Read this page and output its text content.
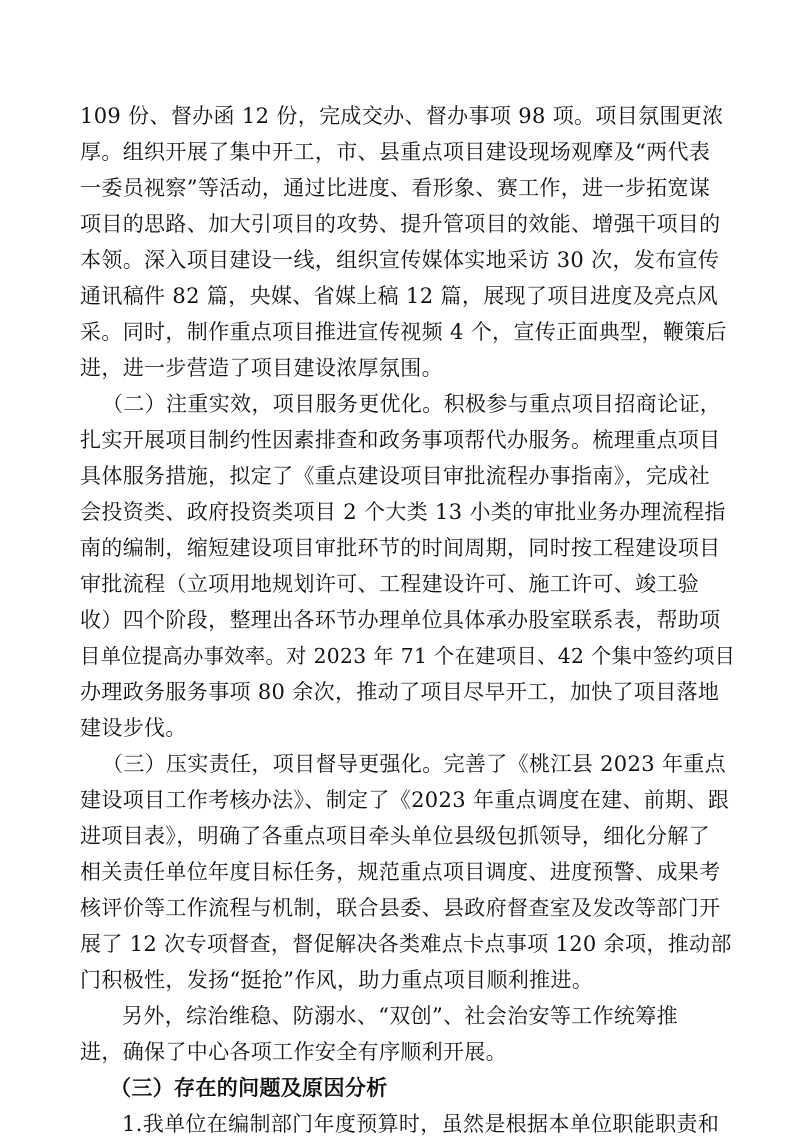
109 份、督办函 12 份，完成交办、督办事项 98 项。项目氛围更浓
厚。组织开展了集中开工，市、县重点项目建设现场观摩及“两代表
一委员视察”等活动，通过比进度、看形象、赛工作，进一步拓宽谋
项目的思路、加大引项目的攻势、提升管项目的效能、增强干项目的
本领。深入项目建设一线，组织宣传媒体实地采访 30 次，发布宣传
通讯稿件 82 篇，央媒、省媒上稿 12 篇，展现了项目进度及亮点风
采。同时，制作重点项目推进宣传视频 4 个，宣传正面典型，鞭策后
进，进一步营造了项目建设浓厚氛围。
（二）注重实效，项目服务更优化。积极参与重点项目招商论证，
扎实开展项目制约性因素排查和政务事项帮代办服务。梳理重点项目
具体服务措施，拟定了《重点建设项目审批流程办事指南》，完成社
会投资类、政府投资类项目 2 个大类 13 小类的审批业务办理流程指
南的编制，缩短建设项目审批环节的时间周期，同时按工程建设项目
审批流程（立项用地规划许可、工程建设许可、施工许可、竣工验
收）四个阶段，整理出各环节办理单位具体承办股室联系表，帮助项
目单位提高办事效率。对 2023 年 71 个在建项目、42 个集中签约项目
办理政务服务事项 80 余次，推动了项目尽早开工，加快了项目落地
建设步伐。
（三）压实责任，项目督导更强化。完善了《桃江县 2023 年重点
建设项目工作考核办法》、制定了《2023 年重点调度在建、前期、跟
进项目表》，明确了各重点项目牵头单位县级包抓领导，细化分解了
相关责任单位年度目标任务，规范重点项目调度、进度预警、成果考
核评价等工作流程与机制，联合县委、县政府督查室及发改等部门开
展了 12 次专项督查，督促解决各类难点卡点事项 120 余项，推动部
门积极性，发扬“挺抢”作风，助力重点项目顺利推进。
另外，综治维稳、防溺水、“双创”、社会治安等工作统筹推
进，确保了中心各项工作安全有序顺利开展。
（三）存在的问题及原因分析
1.我单位在编制部门年度预算时，虽然是根据本单位职能职责和
